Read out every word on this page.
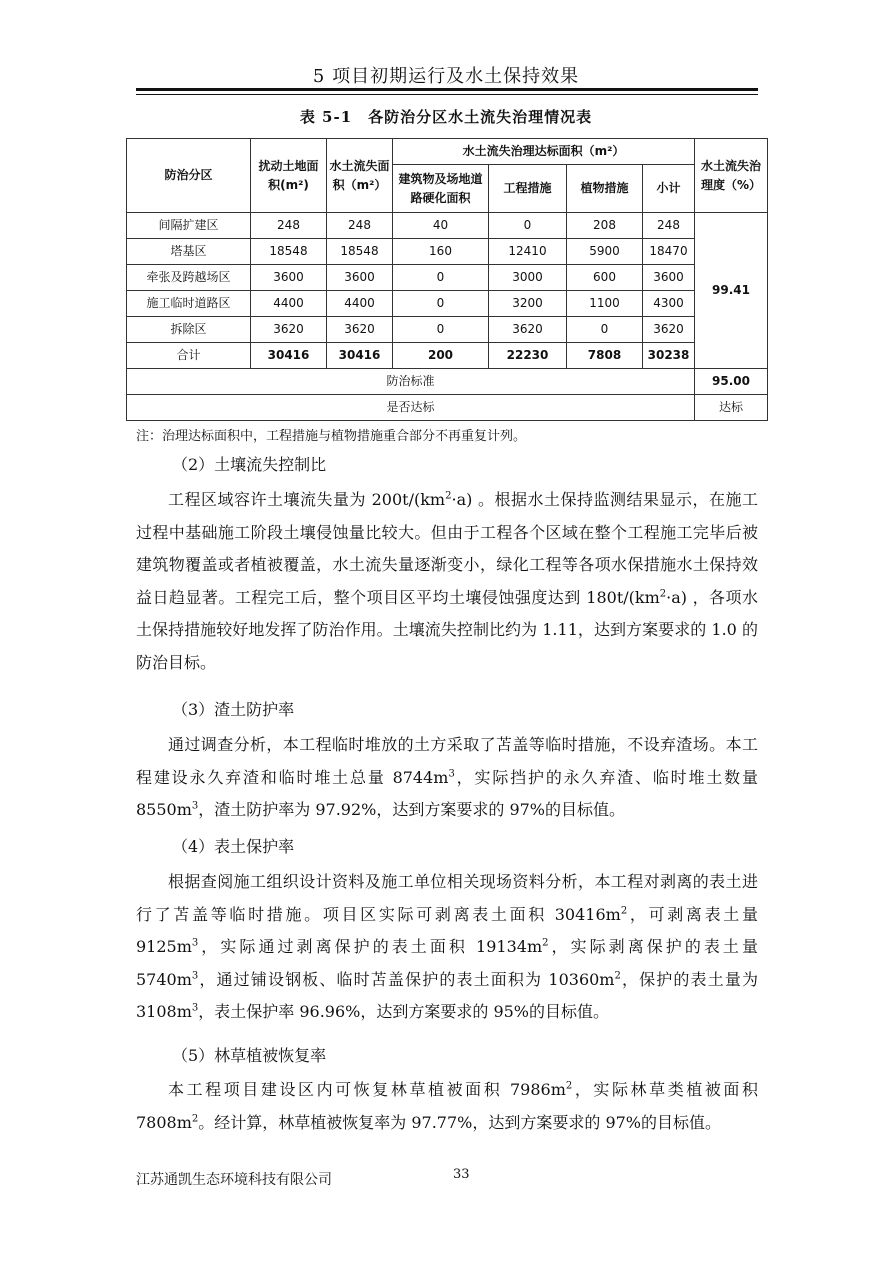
5 项目初期运行及水土保持效果
表 5-1　各防治分区水土流失治理情况表
防治分区	扰动土地面积(m²)	水土流失面积（m²）	水土流失治理达标面积（m²）				水土流失治理度（%）
			建筑物及场地道路硬化面积	工程措施	植物措施	小计	
间隔扩建区	248	248	40	0	208	248	99.41
塔基区	18548	18548	160	12410	5900	18470	
牵张及跨越场区	3600	3600	0	3000	600	3600	
施工临时道路区	4400	4400	0	3200	1100	4300	
拆除区	3620	3620	0	3620	0	3620	
合计	30416	30416	200	22230	7808	30238	
防治标准							95.00
是否达标							达标
注：治理达标面积中，工程措施与植物措施重合部分不再重复计列。
（2）土壤流失控制比

工程区域容许土壤流失量为 $200t/(km^2\cdot a)$ 。根据水土保持监测结果显示，在施工过程中基础施工阶段土壤侵蚀量比较大。但由于工程各个区域在整个工程施工完毕后被建筑物覆盖或者植被覆盖，水土流失量逐渐变小，绿化工程等各项水保措施水土保持效益日趋显著。工程完工后，整个项目区平均土壤侵蚀强度达到 $180t/(km^2\cdot a)$ ，各项水土保持措施较好地发挥了防治作用。土壤流失控制比约为 1.11，达到方案要求的 1.0 的防治目标。

（3）渣土防护率

通过调查分析，本工程临时堆放的土方采取了苫盖等临时措施，不设弃渣场。本工程建设永久弃渣和临时堆土总量 $8744m^3$，实际挡护的永久弃渣、临时堆土数量 $8550m^3$，渣土防护率为 97.92%，达到方案要求的 97%的目标值。

（4）表土保护率

根据查阅施工组织设计资料及施工单位相关现场资料分析，本工程对剥离的表土进行了苫盖等临时措施。项目区实际可剥离表土面积 $30416m^2$，可剥离表土量 $9125m^3$，实际通过剥离保护的表土面积 $19134m^2$，实际剥离保护的表土量 $5740m^3$，通过铺设钢板、临时苫盖保护的表土面积为 $10360m^2$，保护的表土量为 $3108m^3$，表土保护率 96.96%，达到方案要求的 95%的目标值。

（5）林草植被恢复率

本工程项目建设区内可恢复林草植被面积 $7986m^2$，实际林草类植被面积 $7808m^2$。经计算，林草植被恢复率为 97.77%，达到方案要求的 97%的目标值。

江苏通凯生态环境科技有限公司	33
